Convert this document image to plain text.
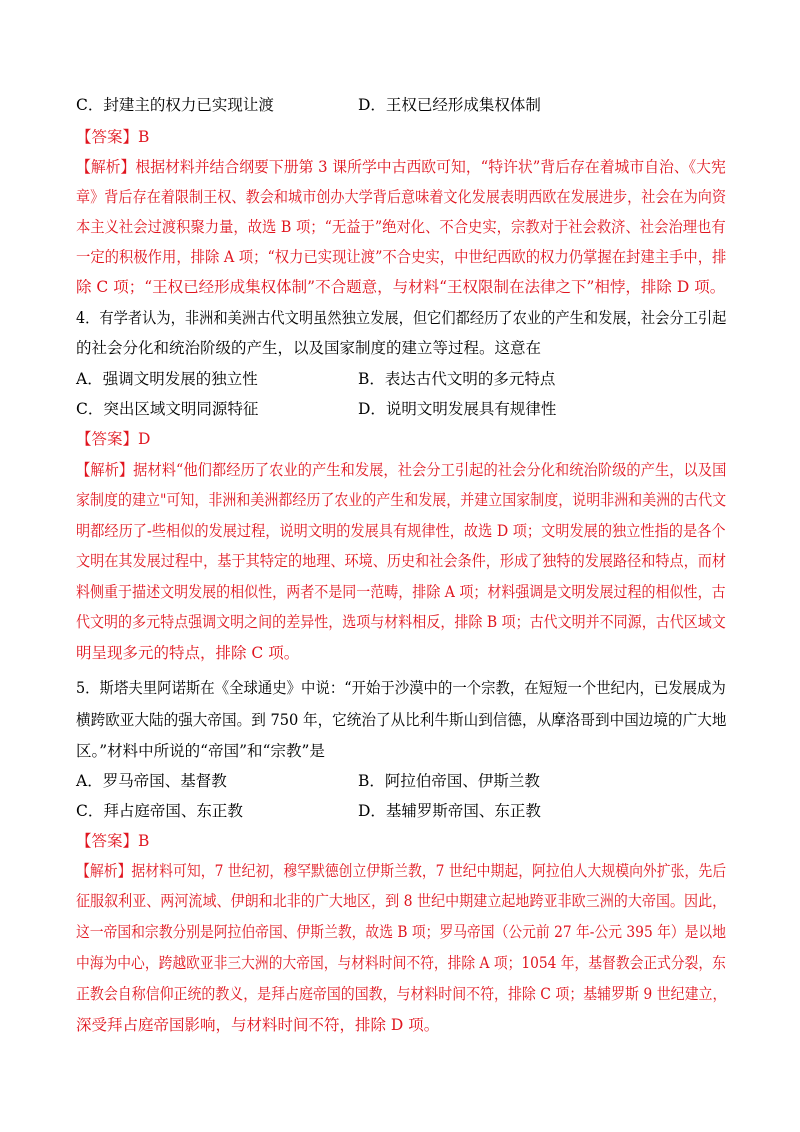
C．封建主的权力已实现让渡	D．王权已经形成集权体制
【答案】B
【解析】根据材料并结合纲要下册第 3 课所学中古西欧可知，“特许状”背后存在着城市自治、《大宪
章》背后存在着限制王权、教会和城市创办大学背后意味着文化发展表明西欧在发展进步，社会在为向资
本主义社会过渡积聚力量，故选 B 项；“无益于”绝对化、不合史实，宗教对于社会救济、社会治理也有
一定的积极作用，排除 A 项；“权力已实现让渡”不合史实，中世纪西欧的权力仍掌握在封建主手中，排
除 C 项；“王权已经形成集权体制”不合题意，与材料“王权限制在法律之下”相悖，排除 D 项。
4．有学者认为，非洲和美洲古代文明虽然独立发展，但它们都经历了农业的产生和发展，社会分工引起
的社会分化和统治阶级的产生，以及国家制度的建立等过程。这意在
A．强调文明发展的独立性	B．表达古代文明的多元特点
C．突出区域文明同源特征	D．说明文明发展具有规律性
【答案】D
【解析】据材料“他们都经历了农业的产生和发展，社会分工引起的社会分化和统治阶级的产生，以及国
家制度的建立"可知，非洲和美洲都经历了农业的产生和发展，并建立国家制度，说明非洲和美洲的古代文
明都经历了-些相似的发展过程，说明文明的发展具有规律性，故选 D 项；文明发展的独立性指的是各个
文明在其发展过程中，基于其特定的地理、环境、历史和社会条件，形成了独特的发展路径和特点，而材
料侧重于描述文明发展的相似性，两者不是同一范畴，排除 A 项；材料强调是文明发展过程的相似性，古
代文明的多元特点强调文明之间的差异性，选项与材料相反，排除 B 项；古代文明并不同源，古代区域文
明呈现多元的特点，排除 C 项。
5．斯塔夫里阿诺斯在《全球通史》中说：“开始于沙漠中的一个宗教，在短短一个世纪内，已发展成为
横跨欧亚大陆的强大帝国。到 750 年，它统治了从比利牛斯山到信德，从摩洛哥到中国边境的广大地
区。”材料中所说的“帝国”和“宗教”是
A．罗马帝国、基督教	B．阿拉伯帝国、伊斯兰教
C．拜占庭帝国、东正教	D．基辅罗斯帝国、东正教
【答案】B
【解析】据材料可知，7 世纪初，穆罕默德创立伊斯兰教，7 世纪中期起，阿拉伯人大规模向外扩张，先后
征服叙利亚、两河流域、伊朗和北非的广大地区，到 8 世纪中期建立起地跨亚非欧三洲的大帝国。因此，
这一帝国和宗教分别是阿拉伯帝国、伊斯兰教，故选 B 项；罗马帝国（公元前 27 年-公元 395 年）是以地
中海为中心，跨越欧亚非三大洲的大帝国，与材料时间不符，排除 A 项；1054 年，基督教会正式分裂，东
正教会自称信仰正统的教义，是拜占庭帝国的国教，与材料时间不符，排除 C 项；基辅罗斯 9 世纪建立，
深受拜占庭帝国影响，与材料时间不符，排除 D 项。
